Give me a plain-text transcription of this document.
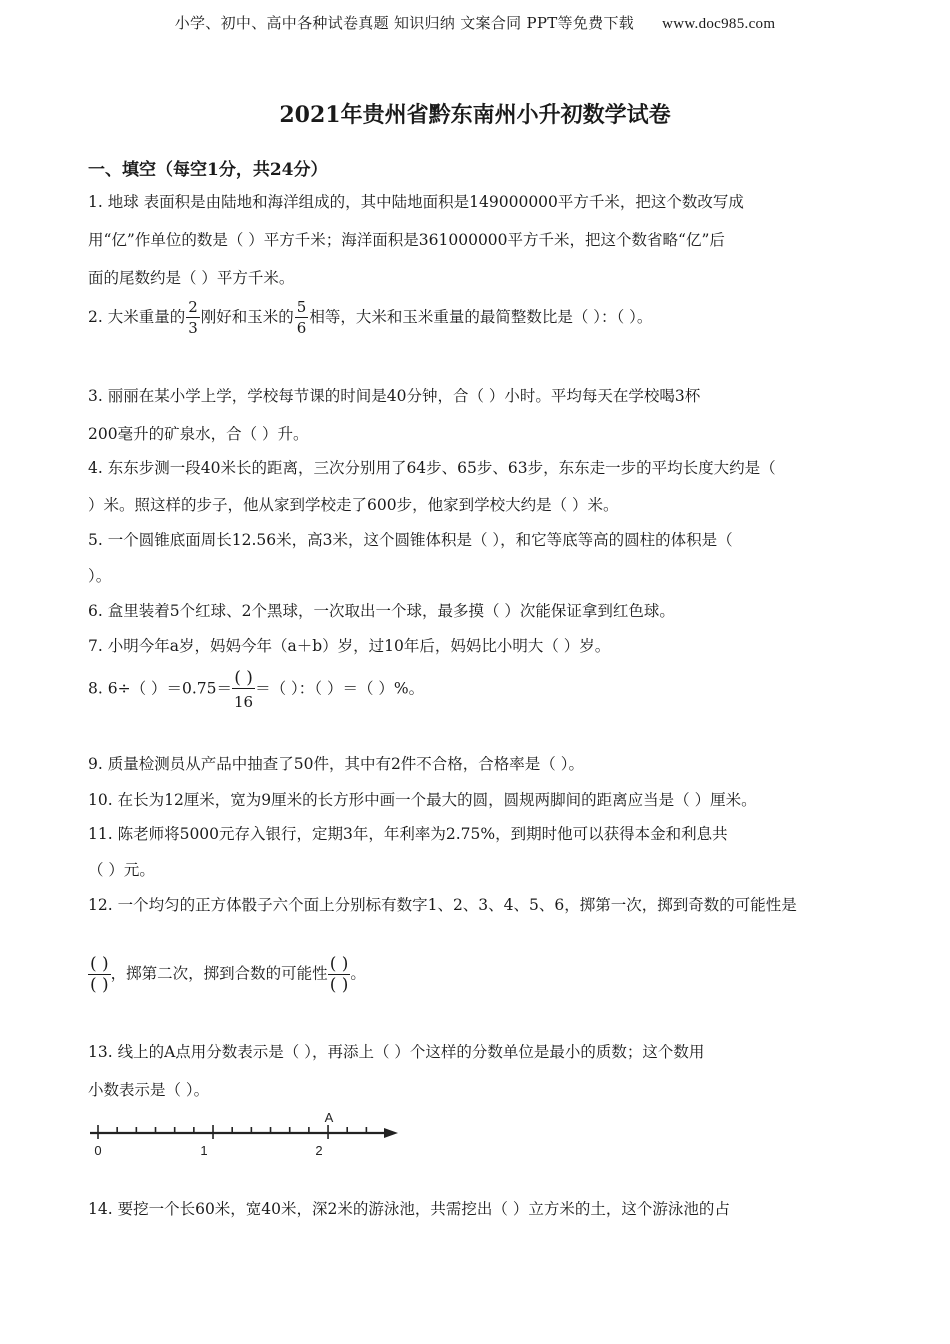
小学、初中、高中各种试卷真题 知识归纳 文案合同 PPT等免费下载 www.doc985.com
2021年贵州省黔东南州小升初数学试卷
一、填空（每空1分，共24分）
1. 地球 表面积是由陆地和海洋组成的，其中陆地面积是149000000平方千米，把这个数改写成
用“亿”作单位的数是（ ）平方千米；海洋面积是361000000平方千米，把这个数省略“亿”后
面的尾数约是（ ）平方千米。
2. 大米重量的 $\frac{2}{3}$ 刚好和玉米的 $\frac{5}{6}$ 相等，大米和玉米重量的最简整数比是（ ）：（ ）。
3. 丽丽在某小学上学，学校每节课的时间是40分钟，合（ ）小时。平均每天在学校喝3杯
200毫升的矿泉水，合（ ）升。
4. 东东步测一段40米长的距离，三次分别用了64步、65步、63步，东东走一步的平均长度大约是（
）米。照这样的步子，他从家到学校走了600步，他家到学校大约是（ ）米。
5. 一个圆锥底面周长12.56米，高3米，这个圆锥体积是（ ），和它等底等高的圆柱的体积是（
）。
6. 盒里装着5个红球、2个黑球，一次取出一个球，最多摸（ ）次能保证拿到红色球。
7. 小明今年a岁，妈妈今年（a＋b）岁，过10年后，妈妈比小明大（ ）岁。
8. 6÷（ ）$=0.75= \frac{( )}{16}$ ＝（ ）：（ ）＝（ ）%。
9. 质量检测员从产品中抽查了50件，其中有2件不合格，合格率是（ ）。
10. 在长为12厘米，宽为9厘米的长方形中画一个最大的圆，圆规两脚间的距离应当是（ ）厘米。
11. 陈老师将5000元存入银行，定期3年，年利率为2.75%，到期时他可以获得本金和利息共
（ ）元。
12. 一个均匀的正方体骰子六个面上分别标有数字1、2、3、4、5、6，掷第一次，掷到奇数的可能性是
$\frac{( )}{( )}$ ，掷第二次，掷到合数的可能性 $\frac{( )}{( )}$ 。
13. 线上的A点用分数表示是（ ），再添上（ ）个这样的分数单位是最小的质数；这个数用
小数表示是（ ）。
A
0	1	2
14. 要挖一个长60米，宽40米，深2米的游泳池，共需挖出（ ）立方米的土，这个游泳池的占
